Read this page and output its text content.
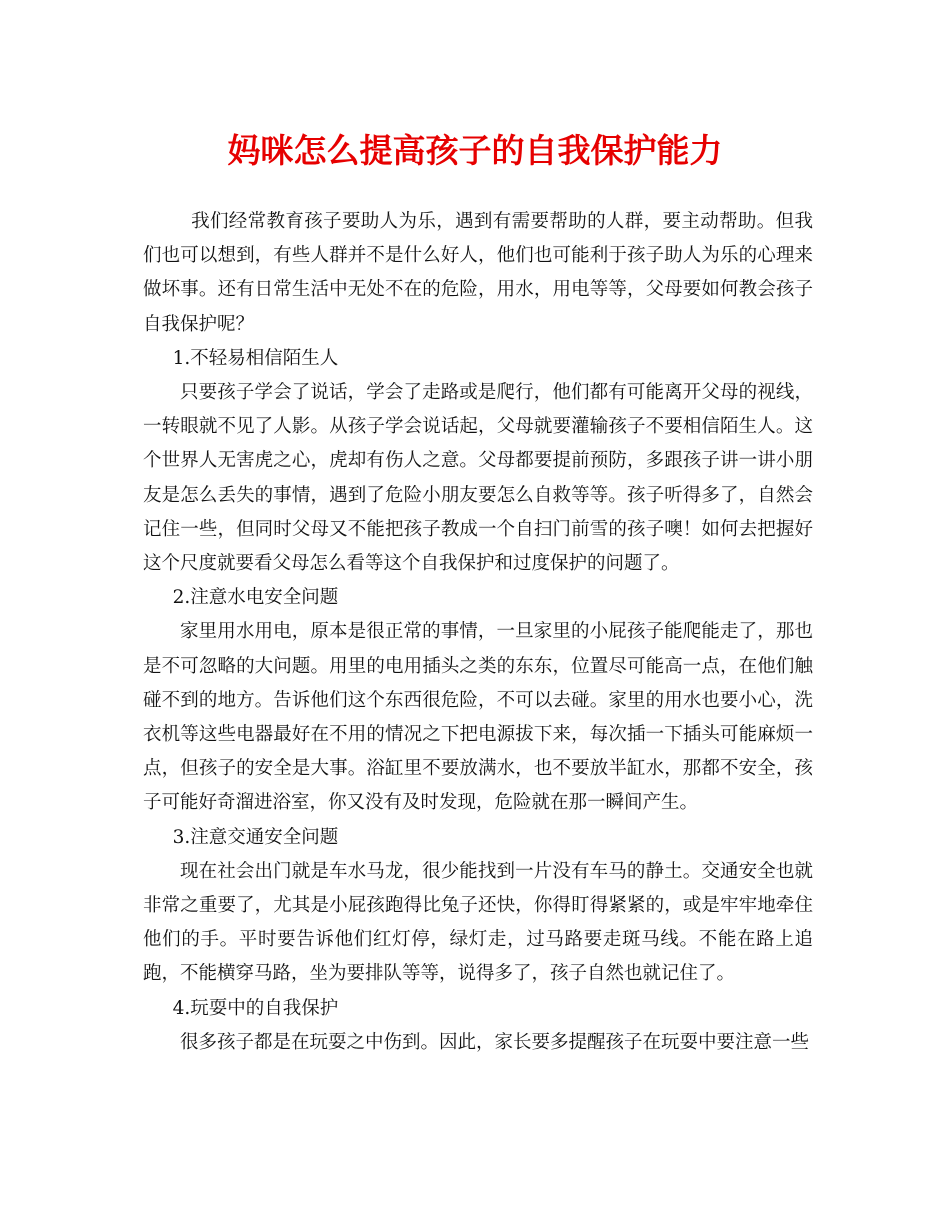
妈咪怎么提高孩子的自我保护能力

我们经常教育孩子要助人为乐，遇到有需要帮助的人群，要主动帮助。但我们也可以想到，有些人群并不是什么好人，他们也可能利于孩子助人为乐的心理来做坏事。还有日常生活中无处不在的危险，用水，用电等等，父母要如何教会孩子自我保护呢？

1.不轻易相信陌生人

只要孩子学会了说话，学会了走路或是爬行，他们都有可能离开父母的视线，一转眼就不见了人影。从孩子学会说话起，父母就要灌输孩子不要相信陌生人。这个世界人无害虎之心，虎却有伤人之意。父母都要提前预防，多跟孩子讲一讲小朋友是怎么丢失的事情，遇到了危险小朋友要怎么自救等等。孩子听得多了，自然会记住一些，但同时父母又不能把孩子教成一个自扫门前雪的孩子噢！如何去把握好这个尺度就要看父母怎么看等这个自我保护和过度保护的问题了。

2.注意水电安全问题

家里用水用电，原本是很正常的事情，一旦家里的小屁孩子能爬能走了，那也是不可忽略的大问题。用里的电用插头之类的东东，位置尽可能高一点，在他们触碰不到的地方。告诉他们这个东西很危险，不可以去碰。家里的用水也要小心，洗衣机等这些电器最好在不用的情况之下把电源拔下来，每次插一下插头可能麻烦一点，但孩子的安全是大事。浴缸里不要放满水，也不要放半缸水，那都不安全，孩子可能好奇溜进浴室，你又没有及时发现，危险就在那一瞬间产生。

3.注意交通安全问题

现在社会出门就是车水马龙，很少能找到一片没有车马的静土。交通安全也就非常之重要了，尤其是小屁孩跑得比兔子还快，你得盯得紧紧的，或是牢牢地牵住他们的手。平时要告诉他们红灯停，绿灯走，过马路要走斑马线。不能在路上追跑，不能横穿马路，坐为要排队等等，说得多了，孩子自然也就记住了。

4.玩耍中的自我保护

很多孩子都是在玩耍之中伤到。因此，家长要多提醒孩子在玩耍中要注意一些
